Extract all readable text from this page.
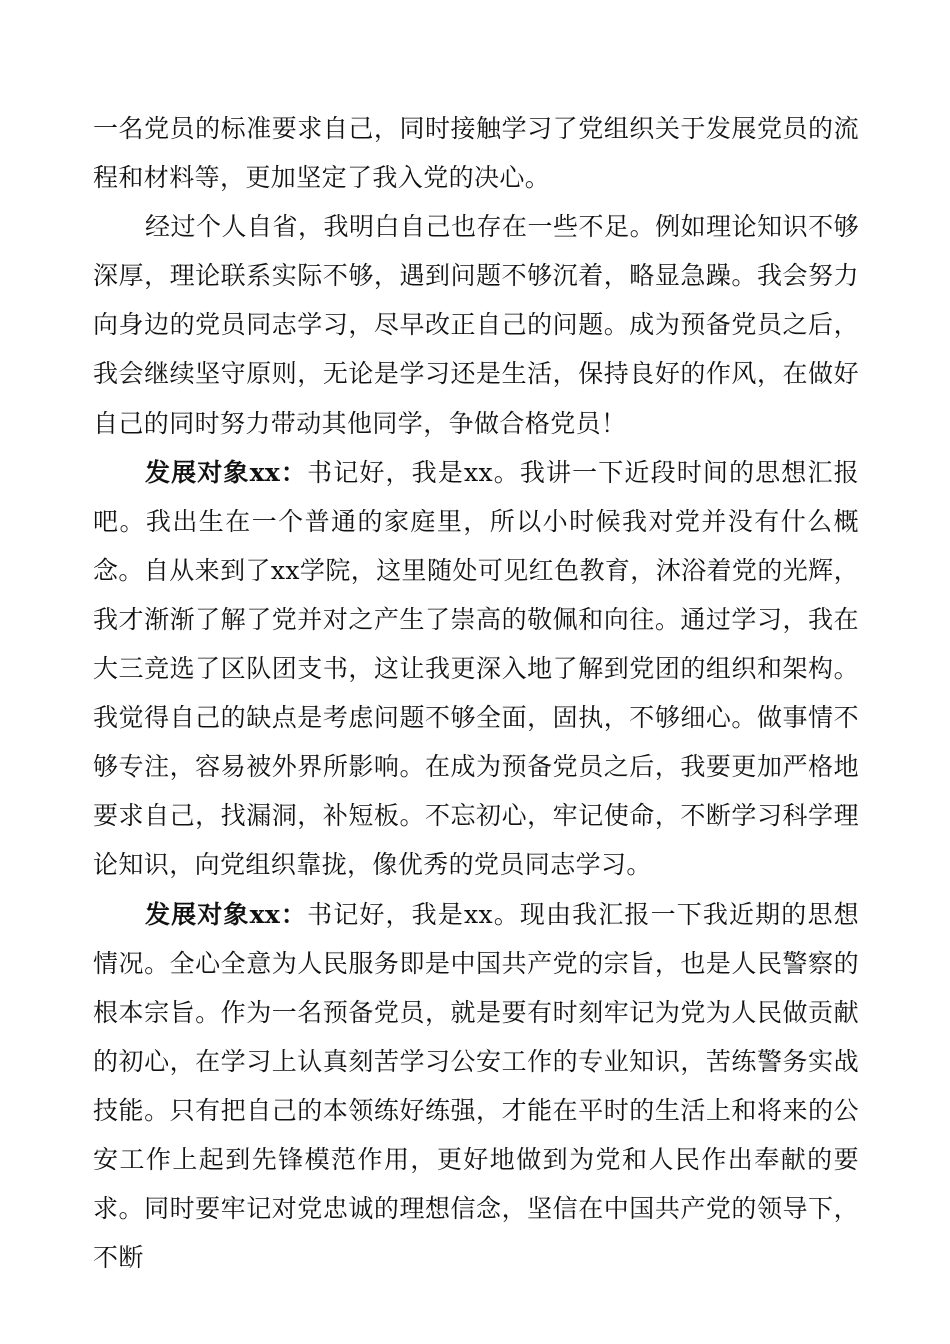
一名党员的标准要求自己，同时接触学习了党组织关于发展党员的流程和材料等，更加坚定了我入党的决心。

经过个人自省，我明白自己也存在一些不足。例如理论知识不够深厚，理论联系实际不够，遇到问题不够沉着，略显急躁。我会努力向身边的党员同志学习，尽早改正自己的问题。成为预备党员之后，我会继续坚守原则，无论是学习还是生活，保持良好的作风，在做好自己的同时努力带动其他同学，争做合格党员！

发展对象xx：书记好，我是xx。我讲一下近段时间的思想汇报吧。我出生在一个普通的家庭里，所以小时候我对党并没有什么概念。自从来到了xx学院，这里随处可见红色教育，沐浴着党的光辉，我才渐渐了解了党并对之产生了崇高的敬佩和向往。通过学习，我在大三竞选了区队团支书，这让我更深入地了解到党团的组织和架构。我觉得自己的缺点是考虑问题不够全面，固执，不够细心。做事情不够专注，容易被外界所影响。在成为预备党员之后，我要更加严格地要求自己，找漏洞，补短板。不忘初心，牢记使命，不断学习科学理论知识，向党组织靠拢，像优秀的党员同志学习。

发展对象xx：书记好，我是xx。现由我汇报一下我近期的思想情况。全心全意为人民服务即是中国共产党的宗旨，也是人民警察的根本宗旨。作为一名预备党员，就是要有时刻牢记为党为人民做贡献的初心，在学习上认真刻苦学习公安工作的专业知识，苦练警务实战技能。只有把自己的本领练好练强，才能在平时的生活上和将来的公安工作上起到先锋模范作用，更好地做到为党和人民作出奉献的要求。同时要牢记对党忠诚的理想信念，坚信在中国共产党的领导下，不断
